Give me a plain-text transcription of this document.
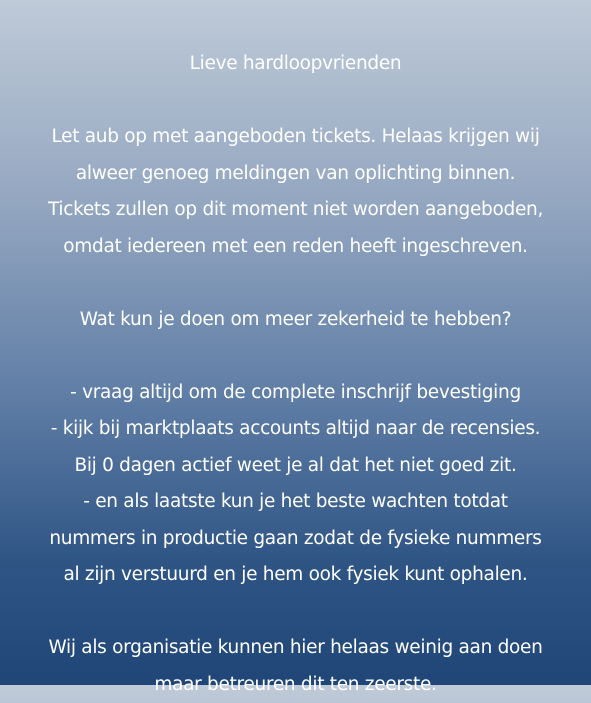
Lieve hardloopvrienden
Let aub op met aangeboden tickets. Helaas krijgen wij
alweer genoeg meldingen van oplichting binnen.
Tickets zullen op dit moment niet worden aangeboden,
omdat iedereen met een reden heeft ingeschreven.
Wat kun je doen om meer zekerheid te hebben?
- vraag altijd om de complete inschrijf bevestiging
- kijk bij marktplaats accounts altijd naar de recensies.
Bij 0 dagen actief weet je al dat het niet goed zit.
- en als laatste kun je het beste wachten totdat
nummers in productie gaan zodat de fysieke nummers
al zijn verstuurd en je hem ook fysiek kunt ophalen.
Wij als organisatie kunnen hier helaas weinig aan doen
maar betreuren dit ten zeerste.
